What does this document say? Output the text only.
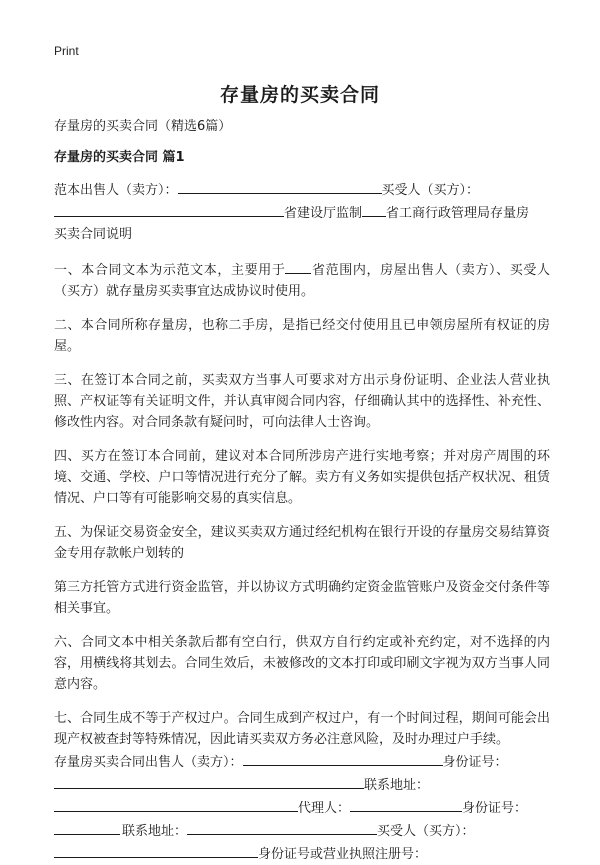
Print
存量房的买卖合同

存量房的买卖合同（精选6篇）

存量房的买卖合同 篇1

范本出售人（卖方）：	买受人（买方）：
省建设厅监制 省工商行政管理局存量房
买卖合同说明

一、本合同文本为示范文本，主要用于 省范围内，房屋出售人（卖方）、买受人（买方）就存量房买卖事宜达成协议时使用。

二、本合同所称存量房，也称二手房，是指已经交付使用且已申领房屋所有权证的房屋。

三、在签订本合同之前，买卖双方当事人可要求对方出示身份证明、企业法人营业执照、产权证等有关证明文件，并认真审阅合同内容，仔细确认其中的选择性、补充性、修改性内容。对合同条款有疑问时，可向法律人士咨询。

四、买方在签订本合同前，建议对本合同所涉房产进行实地考察；并对房产周围的环境、交通、学校、户口等情况进行充分了解。卖方有义务如实提供包括产权状况、租赁情况、户口等有可能影响交易的真实信息。

五、为保证交易资金安全，建议买卖双方通过经纪机构在银行开设的存量房交易结算资金专用存款帐户划转的

第三方托管方式进行资金监管，并以协议方式明确约定资金监管账户及资金交付条件等相关事宜。

六、合同文本中相关条款后都有空白行，供双方自行约定或补充约定，对不选择的内容，用横线将其划去。合同生效后，未被修改的文本打印或印刷文字视为双方当事人同意内容。

七、合同生成不等于产权过户。合同生成到产权过户，有一个时间过程，期间可能会出现产权被查封等特殊情况，因此请买卖双方务必注意风险，及时办理过户手续。

存量房买卖合同出售人（卖方）：	身份证号：

联系地址：

代理人：	身份证号：

联系地址：	买受人（买方）：

身份证号或营业执照注册号：
